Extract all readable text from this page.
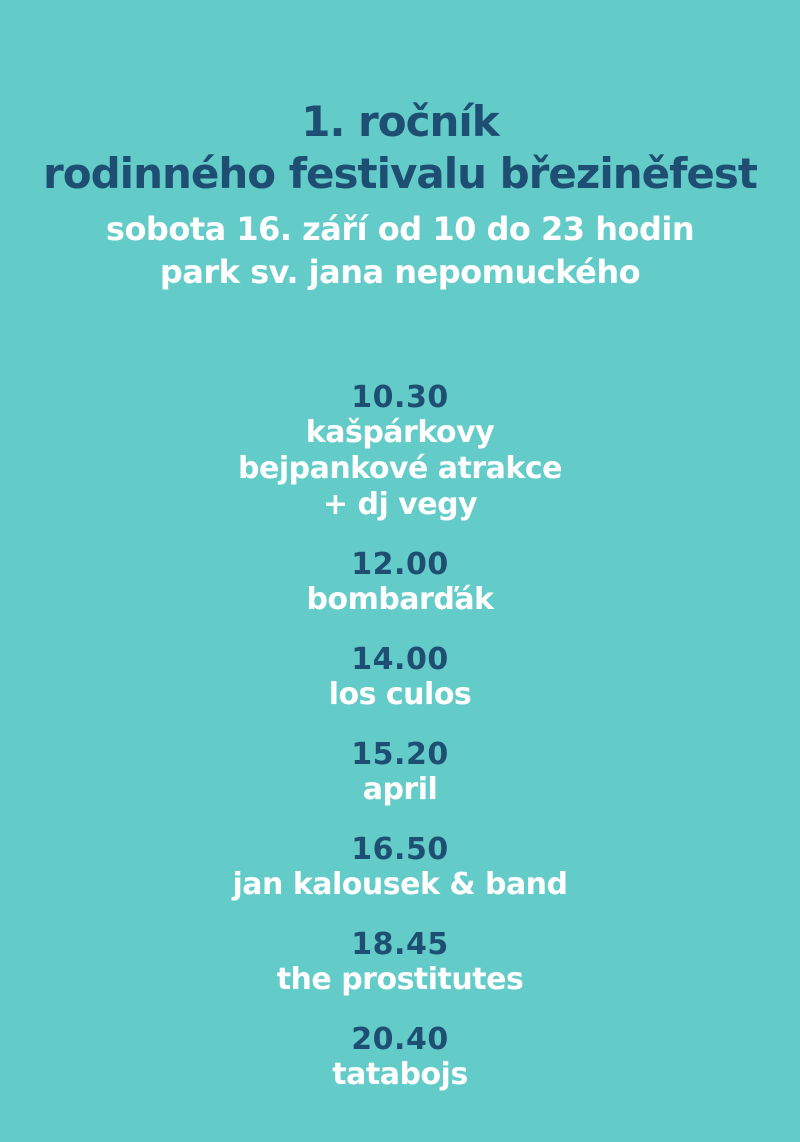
1. ročník
rodinného festivalu březiněfest
sobota 16. září od 10 do 23 hodin
park sv. jana nepomuckého
10.30
kašpárkovy
bejpankové atrakce
+ dj vegy
12.00
bombarďák
14.00
los culos
15.20
april
16.50
jan kalousek & band
18.45
the prostitutes
20.40
tatabojs
